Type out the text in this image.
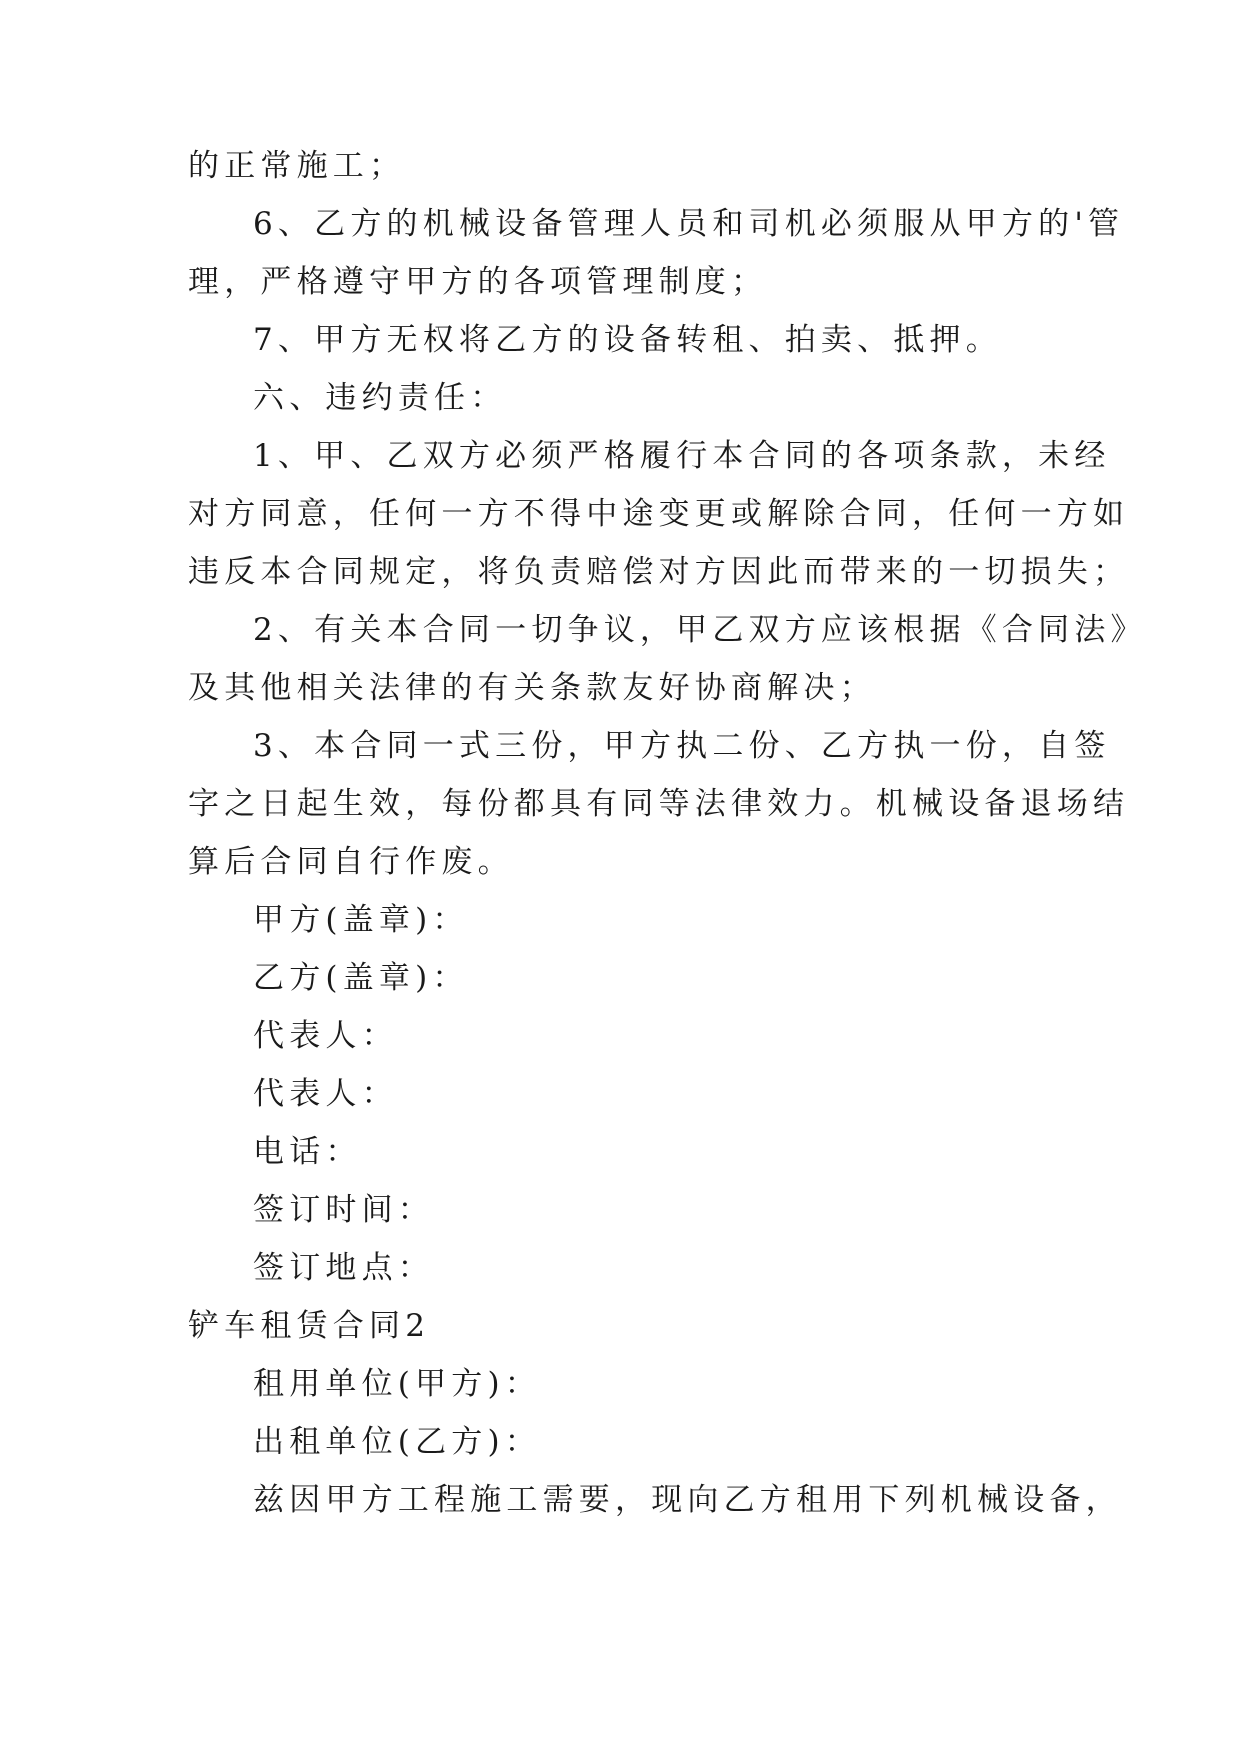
的正常施工；
6、乙方的机械设备管理人员和司机必须服从甲方的'管
理，严格遵守甲方的各项管理制度；
7、甲方无权将乙方的设备转租、拍卖、抵押。
六、违约责任：
1、甲、乙双方必须严格履行本合同的各项条款，未经
对方同意，任何一方不得中途变更或解除合同，任何一方如
违反本合同规定，将负责赔偿对方因此而带来的一切损失；
2、有关本合同一切争议，甲乙双方应该根据《合同法》
及其他相关法律的有关条款友好协商解决；
3、本合同一式三份，甲方执二份、乙方执一份，自签
字之日起生效，每份都具有同等法律效力。机械设备退场结
算后合同自行作废。
甲方(盖章)：
乙方(盖章)：
代表人：
代表人：
电话：
签订时间：
签订地点：
铲车租赁合同2
租用单位(甲方)：
出租单位(乙方)：
兹因甲方工程施工需要，现向乙方租用下列机械设备，
